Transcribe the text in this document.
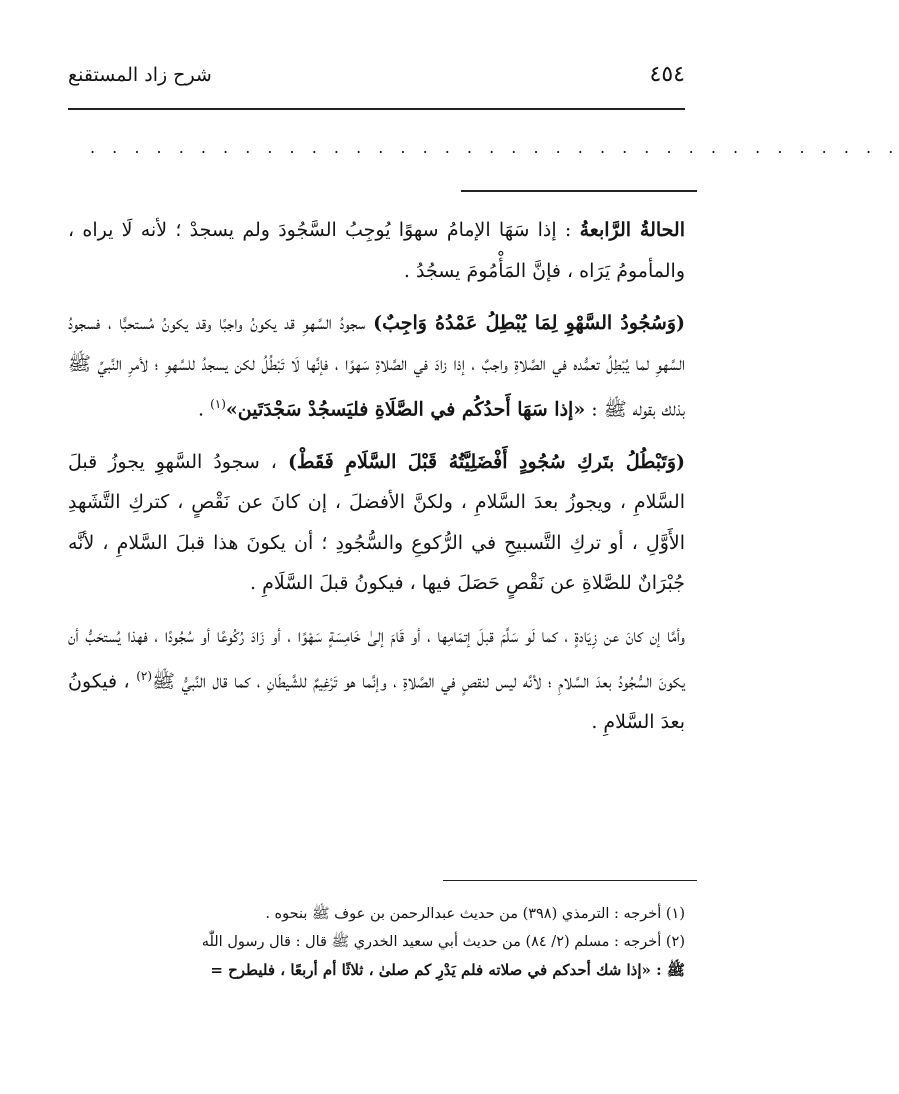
شرح زاد المستقنع	٤٥٤
. . . . . . . . . . . . . . . . . . . . . . . . . . . . . . . . . . . . .

الحالةُ الرَّابعةُ : إذا سَهَا الإمامُ سهوًا يُوجِبُ السَّجُودَ ولم يسجدْ ؛ لأنه لَا يراه ، والمأمومُ يَرَاه ، فإنَّ المَأْمُومَ يسجُدُ .

(وَسُجُودُ السَّهْوِ لِمَا يُبْطِلُ عَمْدُهُ وَاجِبٌ) سجودُ السَّهوِ قد يكونُ واجبًا وقد يكونُ مُستحبًّا ، فسجودُ السَّهوِ لما يُبْطِلُ تعمُّده في الصَّلاةِ واجبٌ ، إذا زادَ في الصَّلاةِ سَهوًا ، فإنَّها لَا تَبْطُلُ لكن يسجدُ للسَّهوِ ؛ لأمرِ النَّبيِّ ﷺ بذلك بقوله ﷺ : «إذا سَهَا أَحدُكُم في الصَّلَاةِ فليَسجُدْ سَجْدَتَين»$^{(١)}$ .

(وَتَبْطُلُ بتَركِ سُجُودٍ أَفْضَلِيَّتُهُ قَبْلَ السَّلَامِ فَقَطْ) ، سجودُ السَّهوِ يجوزُ قبلَ السَّلامِ ، ويجوزُ بعدَ السَّلامِ ، ولكنَّ الأفضلَ ، إن كانَ عن نَقْصٍ ، كتركِ التَّشَهدِ الأَوَّلِ ، أو تركِ التَّسبيحِ في الرُّكوعِ والسُّجُودِ ؛ أن يكونَ هذا قبلَ السَّلامِ ، لأنَّه جُبْرَانٌ للصَّلاةِ عن نَقْصٍ حَصَلَ فيها ، فيكونُ قبلَ السَّلَامِ .

وأمَّا إن كانَ عن زِيَادةٍ ، كما لَو سَلَّمَ قبلَ إتمَامِها ، أو قَامَ إلىٰ خَامِسَةٍ سَهْوًا ، أو زَادَ رُكُوعًا أو سُجُودًا ، فهذا يُستحَبُّ أن يكونَ السُّجُودُ بعدَ السَّلامِ ؛ لأنَّه ليس لنقصٍ في الصَّلاةِ ، وإنَّما هو تَرْغِيمٌ للشَّيطَانِ ، كما قال النَّبيُّ ﷺ$^{(٢)}$ ، فيكونُ بعدَ السَّلامِ .

(١) أخرجه : الترمذي (٣٩٨) من حديث عبدالرحمن بن عوف ﷺ بنحوه .

(٢) أخرجه : مسلم (٢/ ٨٤) من حديث أبي سعيد الخدري ﷺ قال : قال رسول اللّٰه

ﷺ : «إذا شك أحدكم في صلاته فلم يَدْرِ كم صلىٰ ، ثلاثًا أم أربعًا ، فليطرح =
